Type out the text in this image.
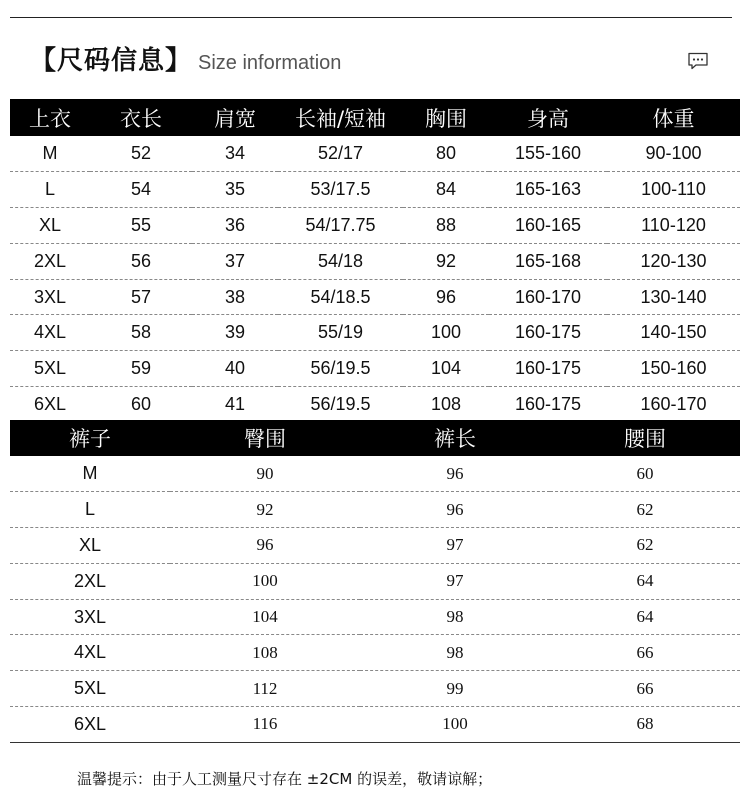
【尺码信息】 Size information
上衣	衣长	肩宽	长袖/短袖	胸围	身高	体重
M	52	34	52/17	80	155-160	90-100
L	54	35	53/17.5	84	165-163	100-110
XL	55	36	54/17.75	88	160-165	110-120
2XL	56	37	54/18	92	165-168	120-130
3XL	57	38	54/18.5	96	160-170	130-140
4XL	58	39	55/19	100	160-175	140-150
5XL	59	40	56/19.5	104	160-175	150-160
6XL	60	41	56/19.5	108	160-175	160-170
裤子	臀围	裤长	腰围
M	90	96	60
L	92	96	62
XL	96	97	62
2XL	100	97	64
3XL	104	98	64
4XL	108	98	66
5XL	112	99	66
6XL	116	100	68
温馨提示：由于人工测量尺寸存在 ±2CM 的误差，敬请谅解；
